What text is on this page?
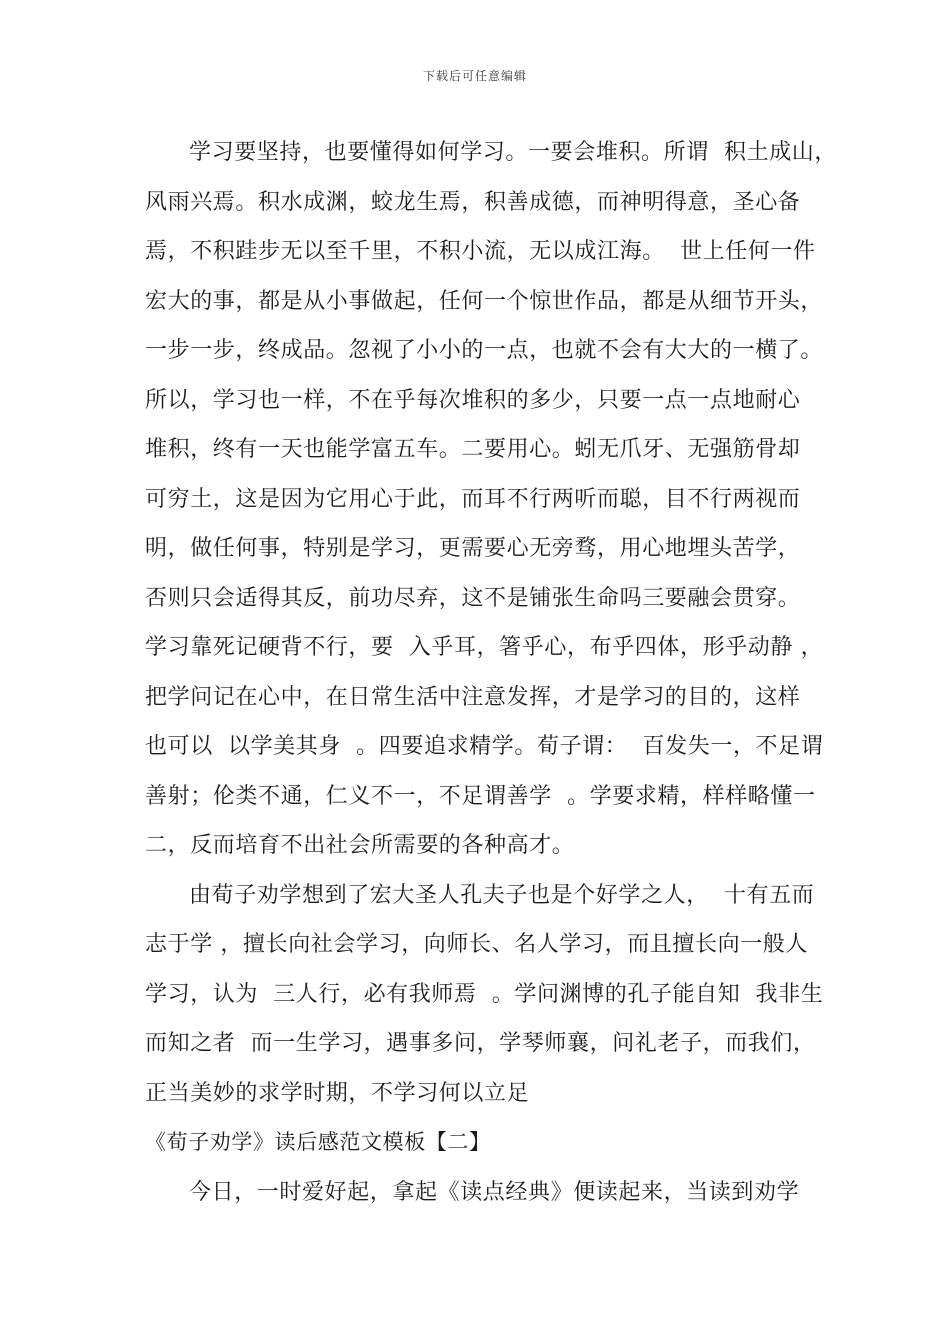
下载后可任意编辑
学习要坚持，也要懂得如何学习。一要会堆积。所谓  积土成山，
风雨兴焉。积水成渊，蛟龙生焉，积善成德，而神明得意，圣心备
焉，不积跬步无以至千里，不积小流，无以成江海。  世上任何一件
宏大的事，都是从小事做起，任何一个惊世作品，都是从细节开头，
一步一步，终成品。忽视了小小的一点，也就不会有大大的一横了。
所以，学习也一样，不在乎每次堆积的多少，只要一点一点地耐心
堆积，终有一天也能学富五车。二要用心。蚓无爪牙、无强筋骨却
可穷土，这是因为它用心于此，而耳不行两听而聪，目不行两视而
明，做任何事，特别是学习，更需要心无旁骛，用心地埋头苦学，
否则只会适得其反，前功尽弃，这不是铺张生命吗三要融会贯穿。
学习靠死记硬背不行，要  入乎耳，箸乎心，布乎四体，形乎动静 ，
把学问记在心中，在日常生活中注意发挥，才是学习的目的，这样
也可以  以学美其身  。四要追求精学。荀子谓：  百发失一，不足谓
善射；伦类不通，仁义不一，不足谓善学  。学要求精，样样略懂一
二，反而培育不出社会所需要的各种高才。
由荀子劝学想到了宏大圣人孔夫子也是个好学之人，  十有五而
志于学 ，擅长向社会学习，向师长、名人学习，而且擅长向一般人
学习，认为  三人行，必有我师焉  。学问渊博的孔子能自知  我非生
而知之者  而一生学习，遇事多问，学琴师襄，问礼老子，而我们，
正当美妙的求学时期，不学习何以立足
《荀子劝学》读后感范文模板【二】
今日，一时爱好起，拿起《读点经典》便读起来，当读到劝学
